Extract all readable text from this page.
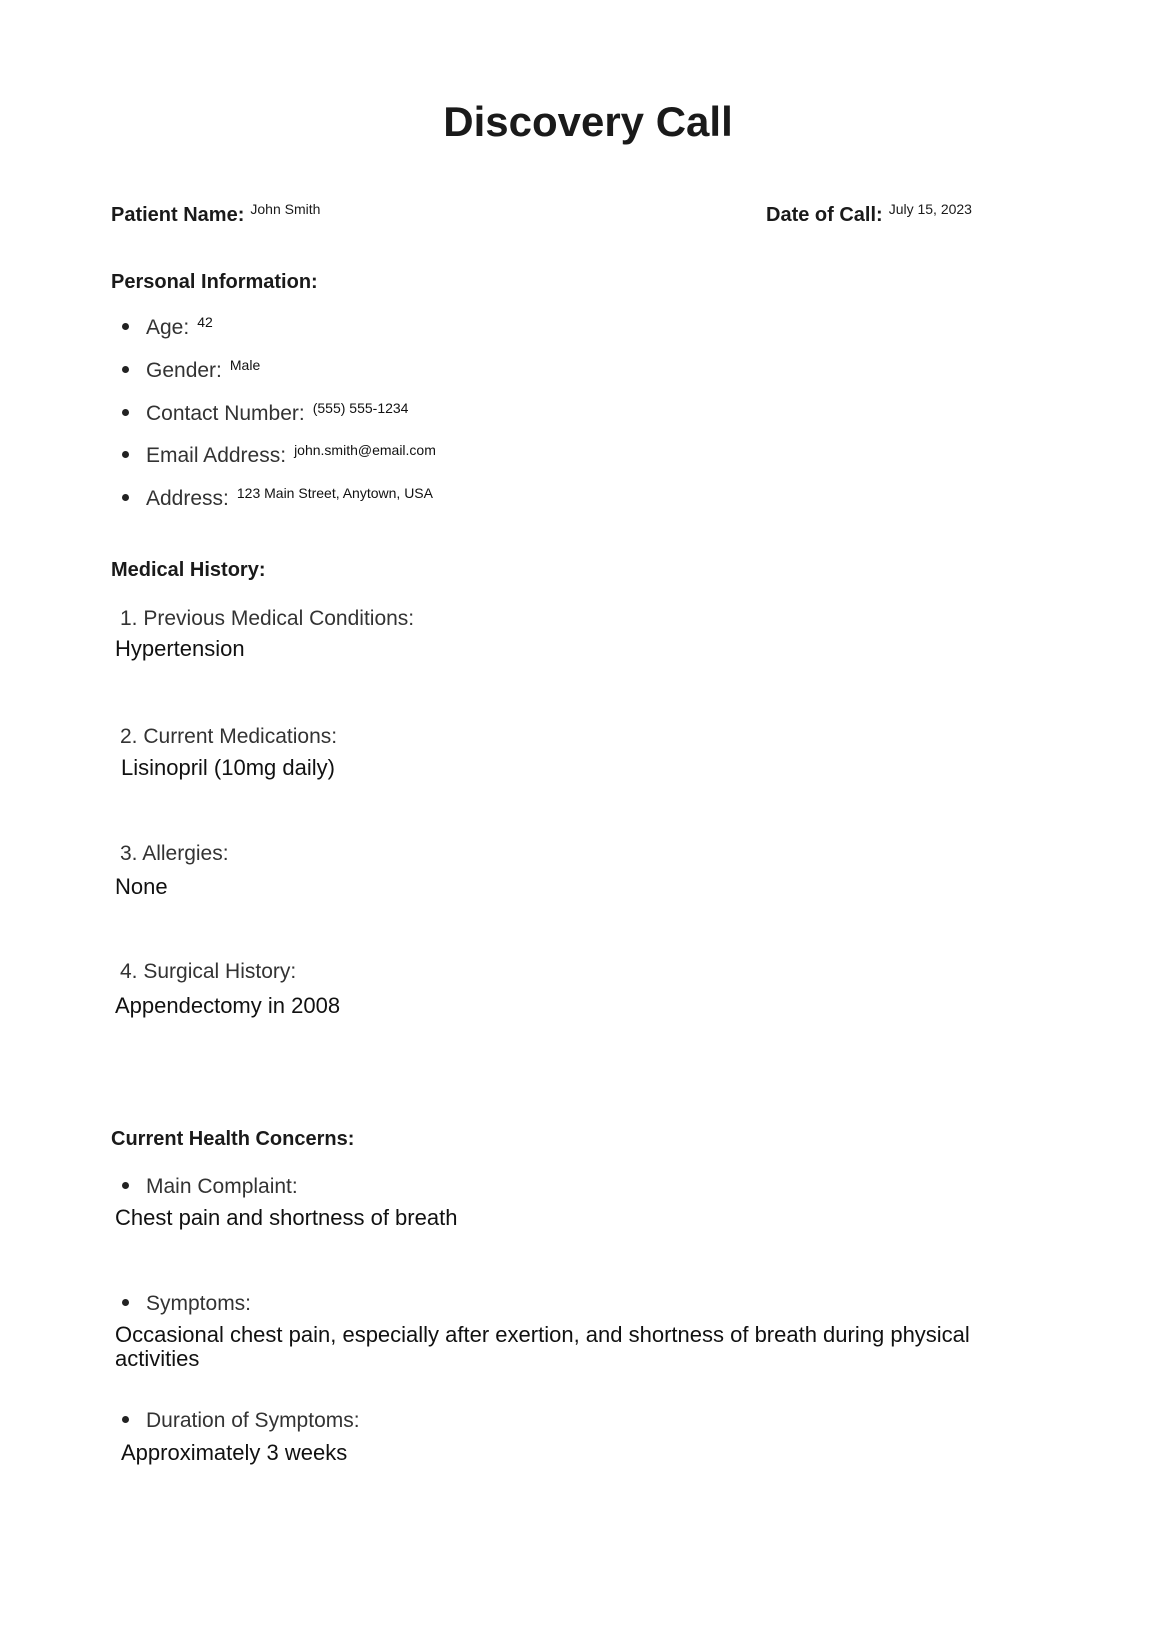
Discovery Call
Patient Name: $^{John Smith}$	Date of Call: $^{July 15, 2023}$
Personal Information:
Age: $^{42}$
Gender: $^{Male}$
Contact Number: $^{(555) 555-1234}$
Email Address: $^{john.smith@email.com}$
Address: $^{123 Main Street, Anytown, USA}$
Medical History:
1. Previous Medical Conditions:
Hypertension
2. Current Medications:
Lisinopril (10mg daily)
3. Allergies:
None
4. Surgical History:
Appendectomy in 2008
Current Health Concerns:
Main Complaint:
Chest pain and shortness of breath
Symptoms:
Occasional chest pain, especially after exertion, and shortness of breath during physical activities
Duration of Symptoms:
Approximately 3 weeks
